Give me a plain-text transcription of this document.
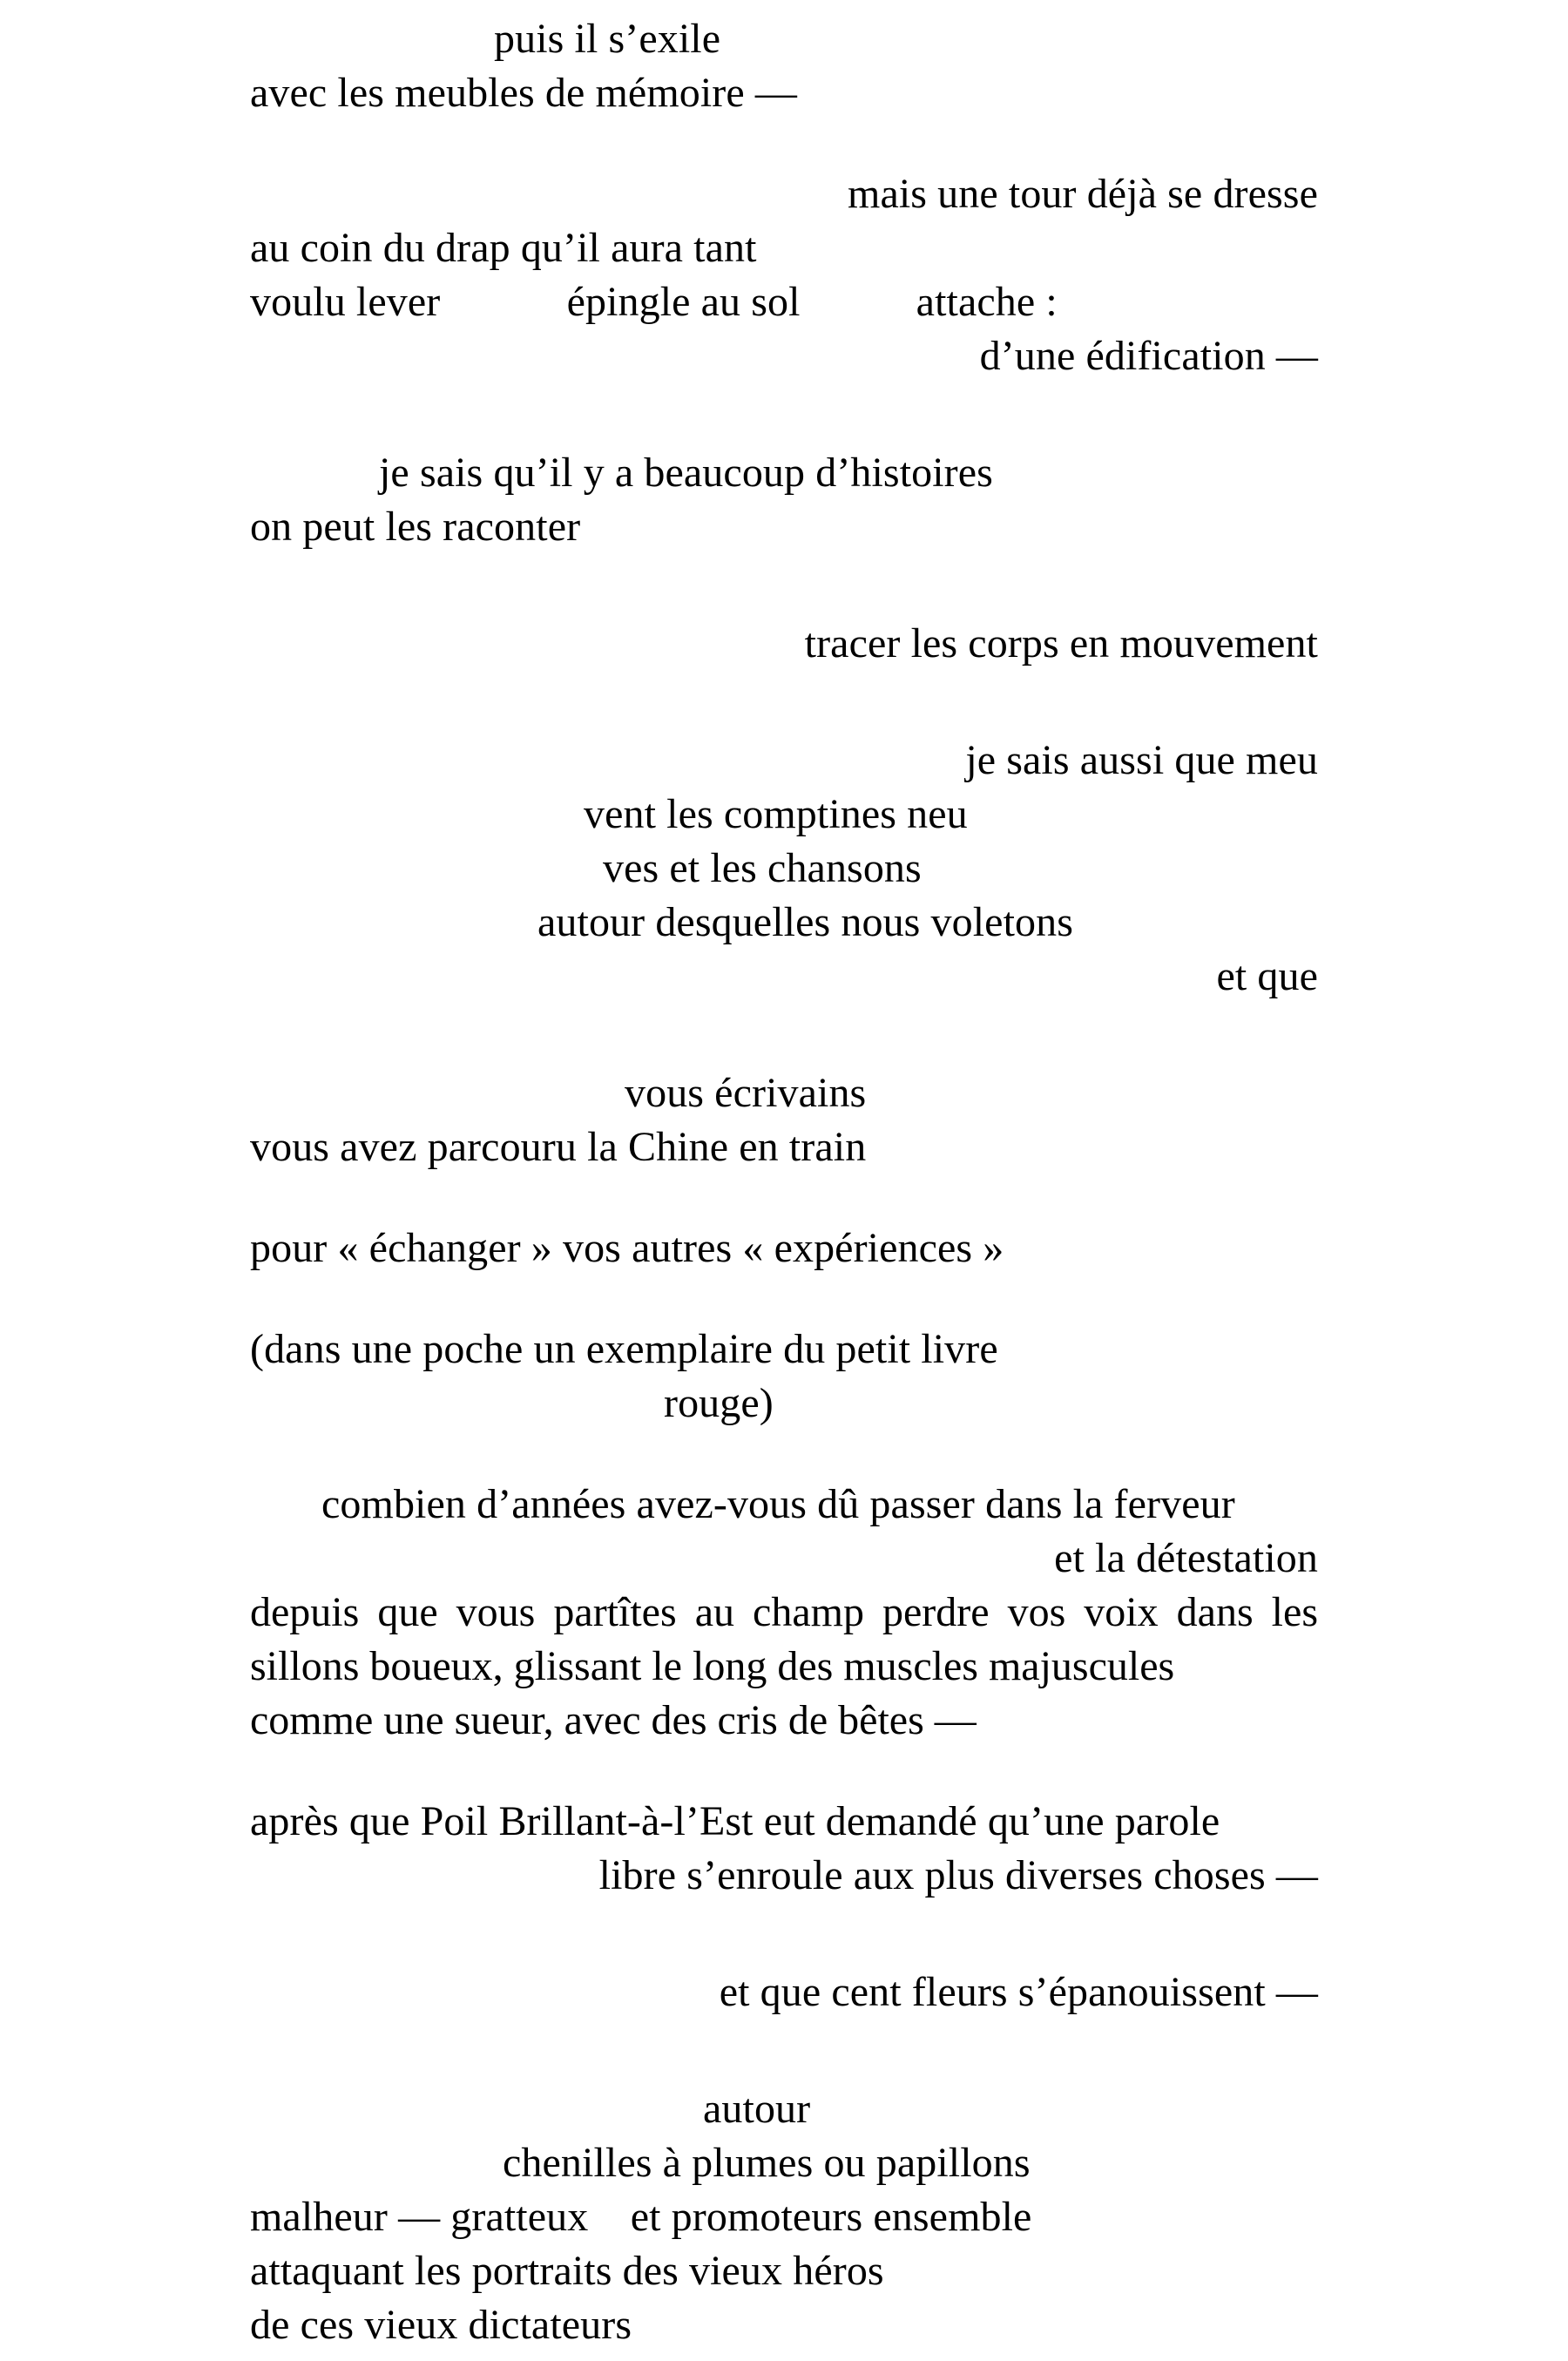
puis il s’exile
avec les meubles de mémoire —
mais une tour déjà se dresse
au coin du drap qu’il aura tant
voulu lever            épingle au sol           attache :
d’une édification —
je sais qu’il y a beaucoup d’histoires
on peut les raconter
tracer les corps en mouvement
je sais aussi que meu
vent les comptines neu
ves et les chansons
autour desquelles nous voletons
et que
vous écrivains
vous avez parcouru la Chine en train
pour « échanger » vos autres « expériences »
(dans une poche un exemplaire du petit livre
rouge)
combien d’années avez-vous dû passer dans la ferveur
et la détestation

depuis que vous partîtes au champ perdre vos voix dans les sillons boueux, glissant le long des muscles majuscules
comme une sueur, avec des cris de bêtes —

après que Poil Brillant-à-l’Est eut demandé qu’une parole
libre s’enroule aux plus diverses choses —
et que cent fleurs s’épanouissent —
autour
chenilles à plumes ou papillons
malheur — gratteux    et promoteurs ensemble
attaquant les portraits des vieux héros
de ces vieux dictateurs
